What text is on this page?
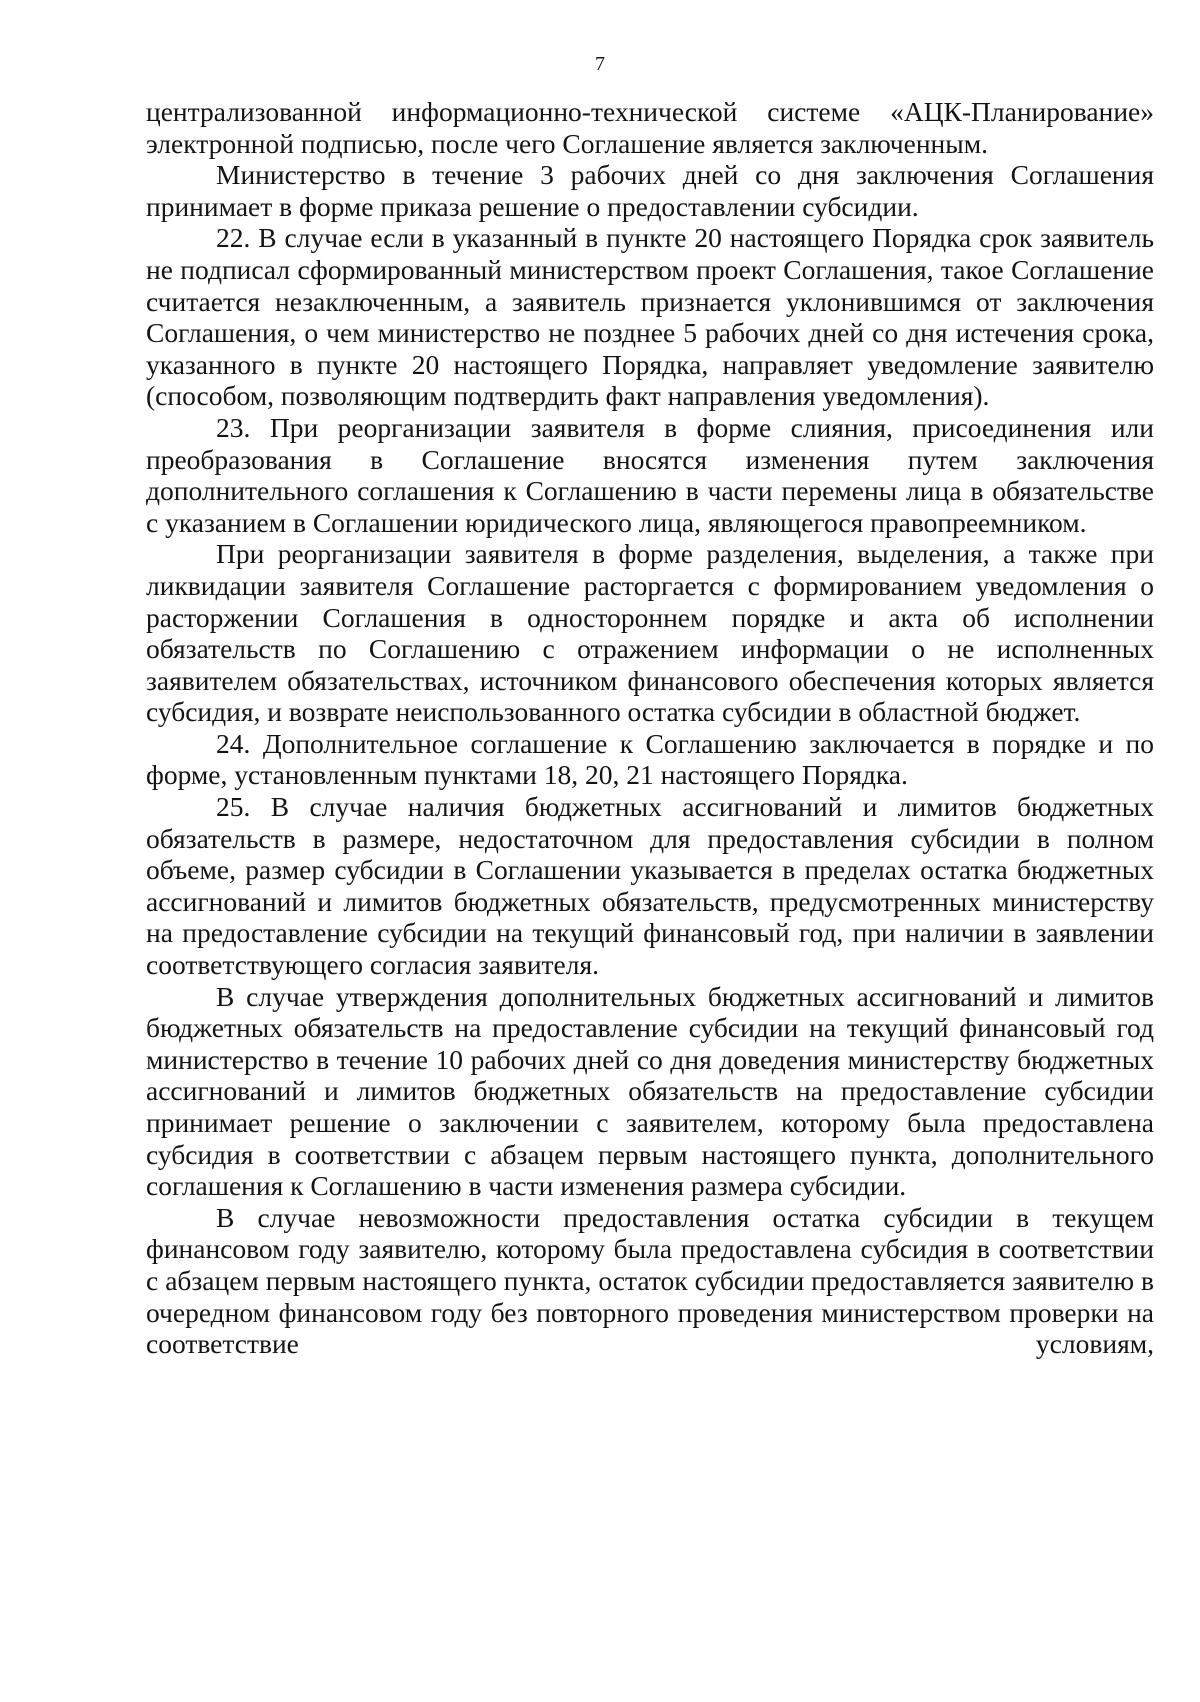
7

централизованной информационно-технической системе «АЦК-Планирование» электронной подписью, после чего Соглашение является заключенным.

Министерство в течение 3 рабочих дней со дня заключения Соглашения принимает в форме приказа решение о предоставлении субсидии.

22. В случае если в указанный в пункте 20 настоящего Порядка срок заявитель не подписал сформированный министерством проект Соглашения, такое Соглашение считается незаключенным, а заявитель признается уклонившимся от заключения Соглашения, о чем министерство не позднее 5 рабочих дней со дня истечения срока, указанного в пункте 20 настоящего Порядка, направляет уведомление заявителю (способом, позволяющим подтвердить факт направления уведомления).

23. При реорганизации заявителя в форме слияния, присоединения или преобразования в Соглашение вносятся изменения путем заключения дополнительного соглашения к Соглашению в части перемены лица в обязательстве с указанием в Соглашении юридического лица, являющегося правопреемником.

При реорганизации заявителя в форме разделения, выделения, а также при ликвидации заявителя Соглашение расторгается с формированием уведомления о расторжении Соглашения в одностороннем порядке и акта об исполнении обязательств по Соглашению с отражением информации о не исполненных заявителем обязательствах, источником финансового обеспечения которых является субсидия, и возврате неиспользованного остатка субсидии в областной бюджет.

24. Дополнительное соглашение к Соглашению заключается в порядке и по форме, установленным пунктами 18, 20, 21 настоящего Порядка.

25. В случае наличия бюджетных ассигнований и лимитов бюджетных обязательств в размере, недостаточном для предоставления субсидии в полном объеме, размер субсидии в Соглашении указывается в пределах остатка бюджетных ассигнований и лимитов бюджетных обязательств, предусмотренных министерству на предоставление субсидии на текущий финансовый год, при наличии в заявлении соответствующего согласия заявителя.

В случае утверждения дополнительных бюджетных ассигнований и лимитов бюджетных обязательств на предоставление субсидии на текущий финансовый год министерство в течение 10 рабочих дней со дня доведения министерству бюджетных ассигнований и лимитов бюджетных обязательств на предоставление субсидии принимает решение о заключении с заявителем, которому была предоставлена субсидия в соответствии с абзацем первым настоящего пункта, дополнительного соглашения к Соглашению в части изменения размера субсидии.

В случае невозможности предоставления остатка субсидии в текущем финансовом году заявителю, которому была предоставлена субсидия в соответствии с абзацем первым настоящего пункта, остаток субсидии предоставляется заявителю в очередном финансовом году без повторного проведения министерством проверки на соответствие условиям,
